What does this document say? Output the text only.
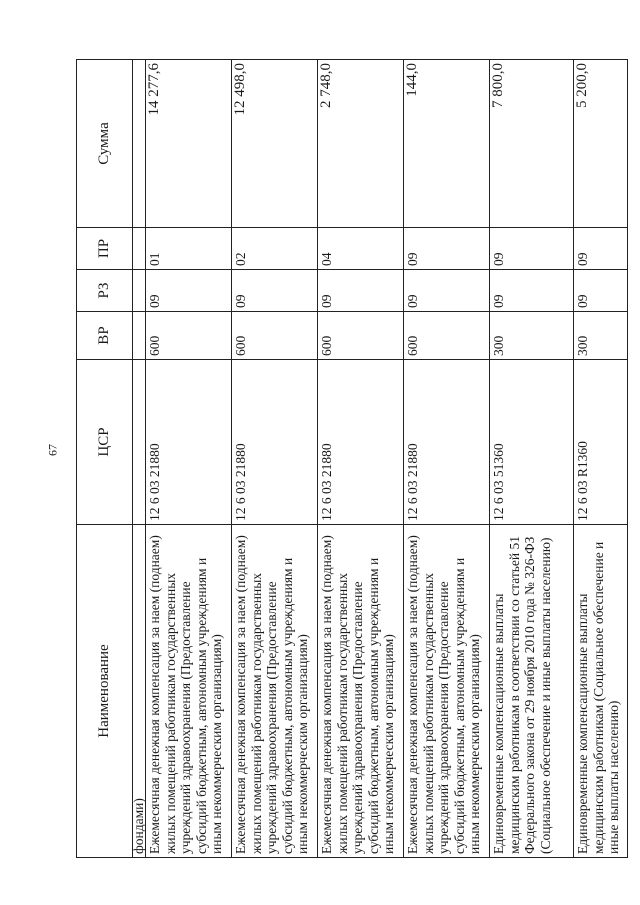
67
Наименование	ЦСР	ВР	РЗ	ПР	Сумма
фондами)					
Ежемесячная денежная компенсация за наем (поднаем) жилых помещений работникам государственных учреждений здравоохранения (Предоставление субсидий бюджетным, автономным учреждениям и иным некоммерческим организациям)	12 6 03 21880	600	09	01	14 277,6
Ежемесячная денежная компенсация за наем (поднаем) жилых помещений работникам государственных учреждений здравоохранения (Предоставление субсидий бюджетным, автономным учреждениям и иным некоммерческим организациям)	12 6 03 21880	600	09	02	12 498,0
Ежемесячная денежная компенсация за наем (поднаем) жилых помещений работникам государственных учреждений здравоохранения (Предоставление субсидий бюджетным, автономным учреждениям и иным некоммерческим организациям)	12 6 03 21880	600	09	04	2 748,0
Ежемесячная денежная компенсация за наем (поднаем) жилых помещений работникам государственных учреждений здравоохранения (Предоставление субсидий бюджетным, автономным учреждениям и иным некоммерческим организациям)	12 6 03 21880	600	09	09	144,0
Единовременные компенсационные выплаты медицинским работникам в соответствии со статьей 51 Федерального закона от 29 ноября 2010 года № 326-ФЗ (Социальное обеспечение и иные выплаты населению)	12 6 03 51360	300	09	09	7 800,0
Единовременные компенсационные выплаты медицинским работникам (Социальное обеспечение и иные выплаты населению)	12 6 03 R1360	300	09	09	5 200,0
